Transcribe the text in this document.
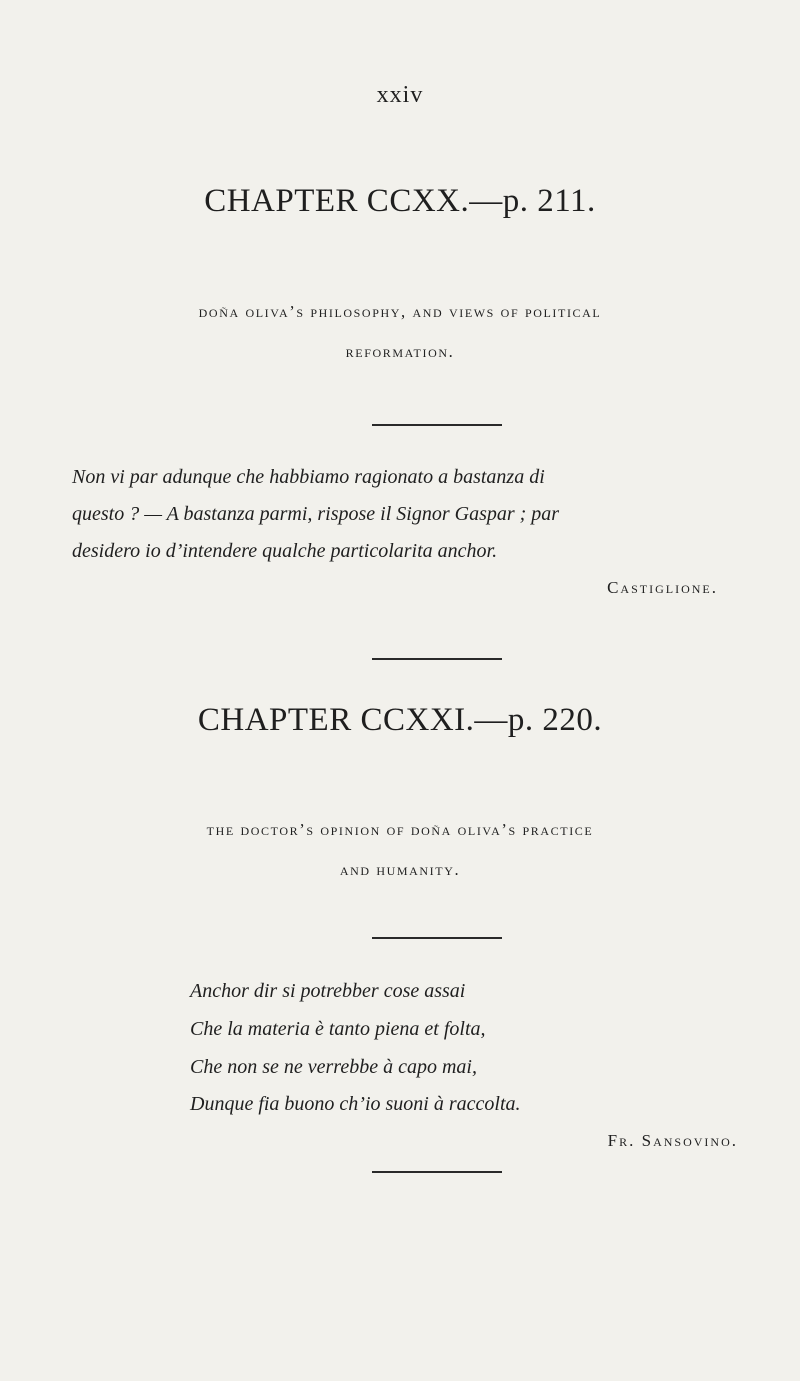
xxiv
CHAPTER CCXX.—p. 211.
doña oliva’s philosophy, and views of political
reformation.
Non vi par adunque che habbiamo ragionato a bastanza di
questo ? — A bastanza parmi, rispose il Signor Gaspar ; par
desidero io d’intendere qualche particolarita anchor.
Castiglione.
CHAPTER CCXXI.—p. 220.
the doctor’s opinion of doña oliva’s practice
and humanity.
Anchor dir si potrebber cose assai
Che la materia è tanto piena et folta,
Che non se ne verrebbe à capo mai,
Dunque fia buono ch’io suoni à raccolta.
Fr. Sansovino.
